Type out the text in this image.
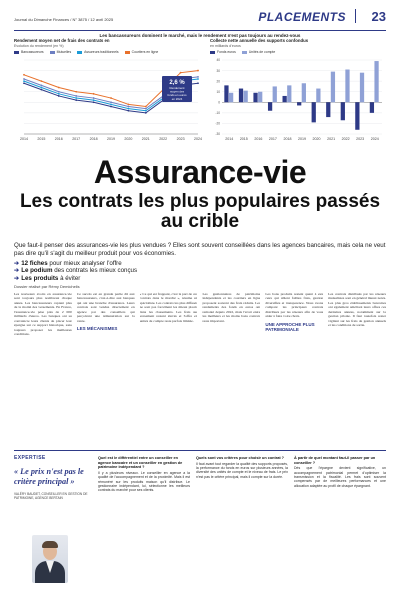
Journal du Dimanche Finances / N° 3875 / 12 avril 2025	PLACEMENTS 23
Les bancassureurs dominent le marché, mais le rendement n'est pas toujours au rendez-vous
Rendement moyen net de frais des contrats en
Evolution du rendement (en %)
Bancassureurs	Mutuelles	Assureurs traditionnels	Courtiers en ligne
2014	2015	2016	2017	2018	2019	2020	2021	2022	2023	2024
2,6 %
Rendement
moyen des
fonds en euros
en 2024
Collecte nette annuelle des supports confondus
en milliards d'euros
Fonds euros	Unités de compte
-30
-20
-10
0
10
20
30
40
2014 2015 2016 2017 2018 2019 2020 2021 2022 2023 2024
Assurance-vie
Les contrats les plus populaires passés au crible
Que faut-il penser des assurances-vie les plus vendues ? Elles sont souvent conseillées dans les agences bancaires, mais cela ne veut pas dire qu'il s'agit du meilleur produit pour vos économies.
➔ 12 fiches pour mieux analyser l'offre
➔ Le podium des contrats les mieux conçus
➔ Les produits à éviter
Dossier réalisé par Rémy Demichelis

Les nouveaux avoirs en assurance-vie sont toujours plus nombreux chaque année. Les bancassureurs captent plus de la moitié des versements. En France, l'assurance-vie pèse près de 2 000 milliards d'euros. Les banques ont su convaincre leurs clients de placer leur épargne sur ce support historique, sans toujours proposer les meilleures conditions.

Ce succès est en grande partie dû aux bancassureurs, c'est-à-dire aux banques qui ont une branche d'assurance. Leurs contrats sont vendus directement en agence par des conseillers qui perçoivent une rémunération sur la vente.

LES MÉCANISMES

« Ce qui est frappant, c'est la part de ces contrats dans le marché », résume un spécialiste. Les contrats les plus diffusés ne sont pas forcément les mieux placés dans les classements. Les frais sur versement restent élevés et l'offre en unités de compte reste parfois limitée.

Les gestionnaires de patrimoine indépendants et les courtiers en ligne proposent souvent des frais réduits. Les rendements des fonds en euros ont remonté depuis 2022, mais l'écart entre les meilleurs et les moins bons contrats reste important.

Les bons produits restent quant à eux ceux qui allient faibles frais, gestion diversifiée et transparence. Nous avons comparé les principaux contrats distribués par les réseaux afin de vous aider à faire votre choix.

UNE APPROCHE PLUS PATRIMONIALE

Les contrats distribués par les réseaux mutualistes sont en général mieux notés. Les plus gros établissements bancaires ont également amélioré leurs offres ces dernières années, notamment sur la gestion pilotée. Il faut toutefois rester vigilant sur les frais de gestion annuels et les conditions de sortie.

EXPERTISE
« Le prix n'est pas le critère principal »
VALÉRY BAUDET, CONSEILLER EN GESTION DE PATRIMOINE, AGENCE BERTAIN
Quel est le différentiel entre un conseiller en agence bancaire et un conseiller en gestion de patrimoine indépendant ?

Il y a plusieurs niveaux. Le conseiller en agence a la qualité de l'accompagnement et de la proximité. Mais il est rémunéré sur les produits maison qu'il distribue. Le gestionnaire indépendant, lui, sélectionne les meilleurs contrats du marché pour ses clients.

Quels sont vos critères pour choisir un contrat ?

Il faut avant tout regarder la qualité des supports proposés, la performance du fonds en euros sur plusieurs années, la diversité des unités de compte et le niveau de frais. Le prix n'est pas le critère principal, mais il compte sur la durée.

À partir de quel montant faut-il passer par un conseiller ?

Dès que l'épargne devient significative, un accompagnement patrimonial permet d'optimiser la transmission et la fiscalité. Les frais sont souvent compensés par de meilleures performances et une allocation adaptée au profil de chaque épargnant.
